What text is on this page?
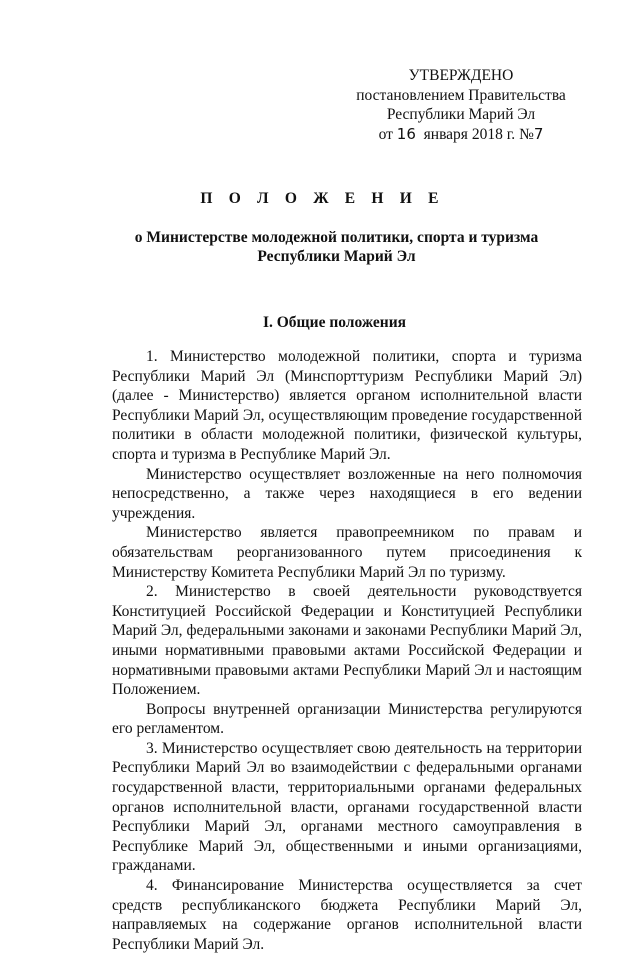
УТВЕРЖДЕНО
постановлением Правительства
Республики Марий Эл
от 16 января 2018 г. №7
П О Л О Ж Е Н И Е
о Министерстве молодежной политики, спорта и туризма
Республики Марий Эл
I. Общие положения

1. Министерство молодежной политики, спорта и туризма Республики Марий Эл (Минспорттуризм Республики Марий Эл) (далее - Министерство) является органом исполнительной власти Республики Марий Эл, осуществляющим проведение государственной политики в области молодежной политики, физической культуры, спорта и туризма в Республике Марий Эл.

Министерство осуществляет возложенные на него полномочия непосредственно, а также через находящиеся в его ведении учреждения.

Министерство является правопреемником по правам и обязательствам реорганизованного путем присоединения к Министерству Комитета Республики Марий Эл по туризму.

2. Министерство в своей деятельности руководствуется Конституцией Российской Федерации и Конституцией Республики Марий Эл, федеральными законами и законами Республики Марий Эл, иными нормативными правовыми актами Российской Федерации и нормативными правовыми актами Республики Марий Эл и настоящим Положением.

Вопросы внутренней организации Министерства регулируются его регламентом.

3. Министерство осуществляет свою деятельность на территории Республики Марий Эл во взаимодействии с федеральными органами государственной власти, территориальными органами федеральных органов исполнительной власти, органами государственной власти Республики Марий Эл, органами местного самоуправления в Республике Марий Эл, общественными и иными организациями, гражданами.

4. Финансирование Министерства осуществляется за счет средств республиканского бюджета Республики Марий Эл, направляемых на содержание органов исполнительной власти Республики Марий Эл.
